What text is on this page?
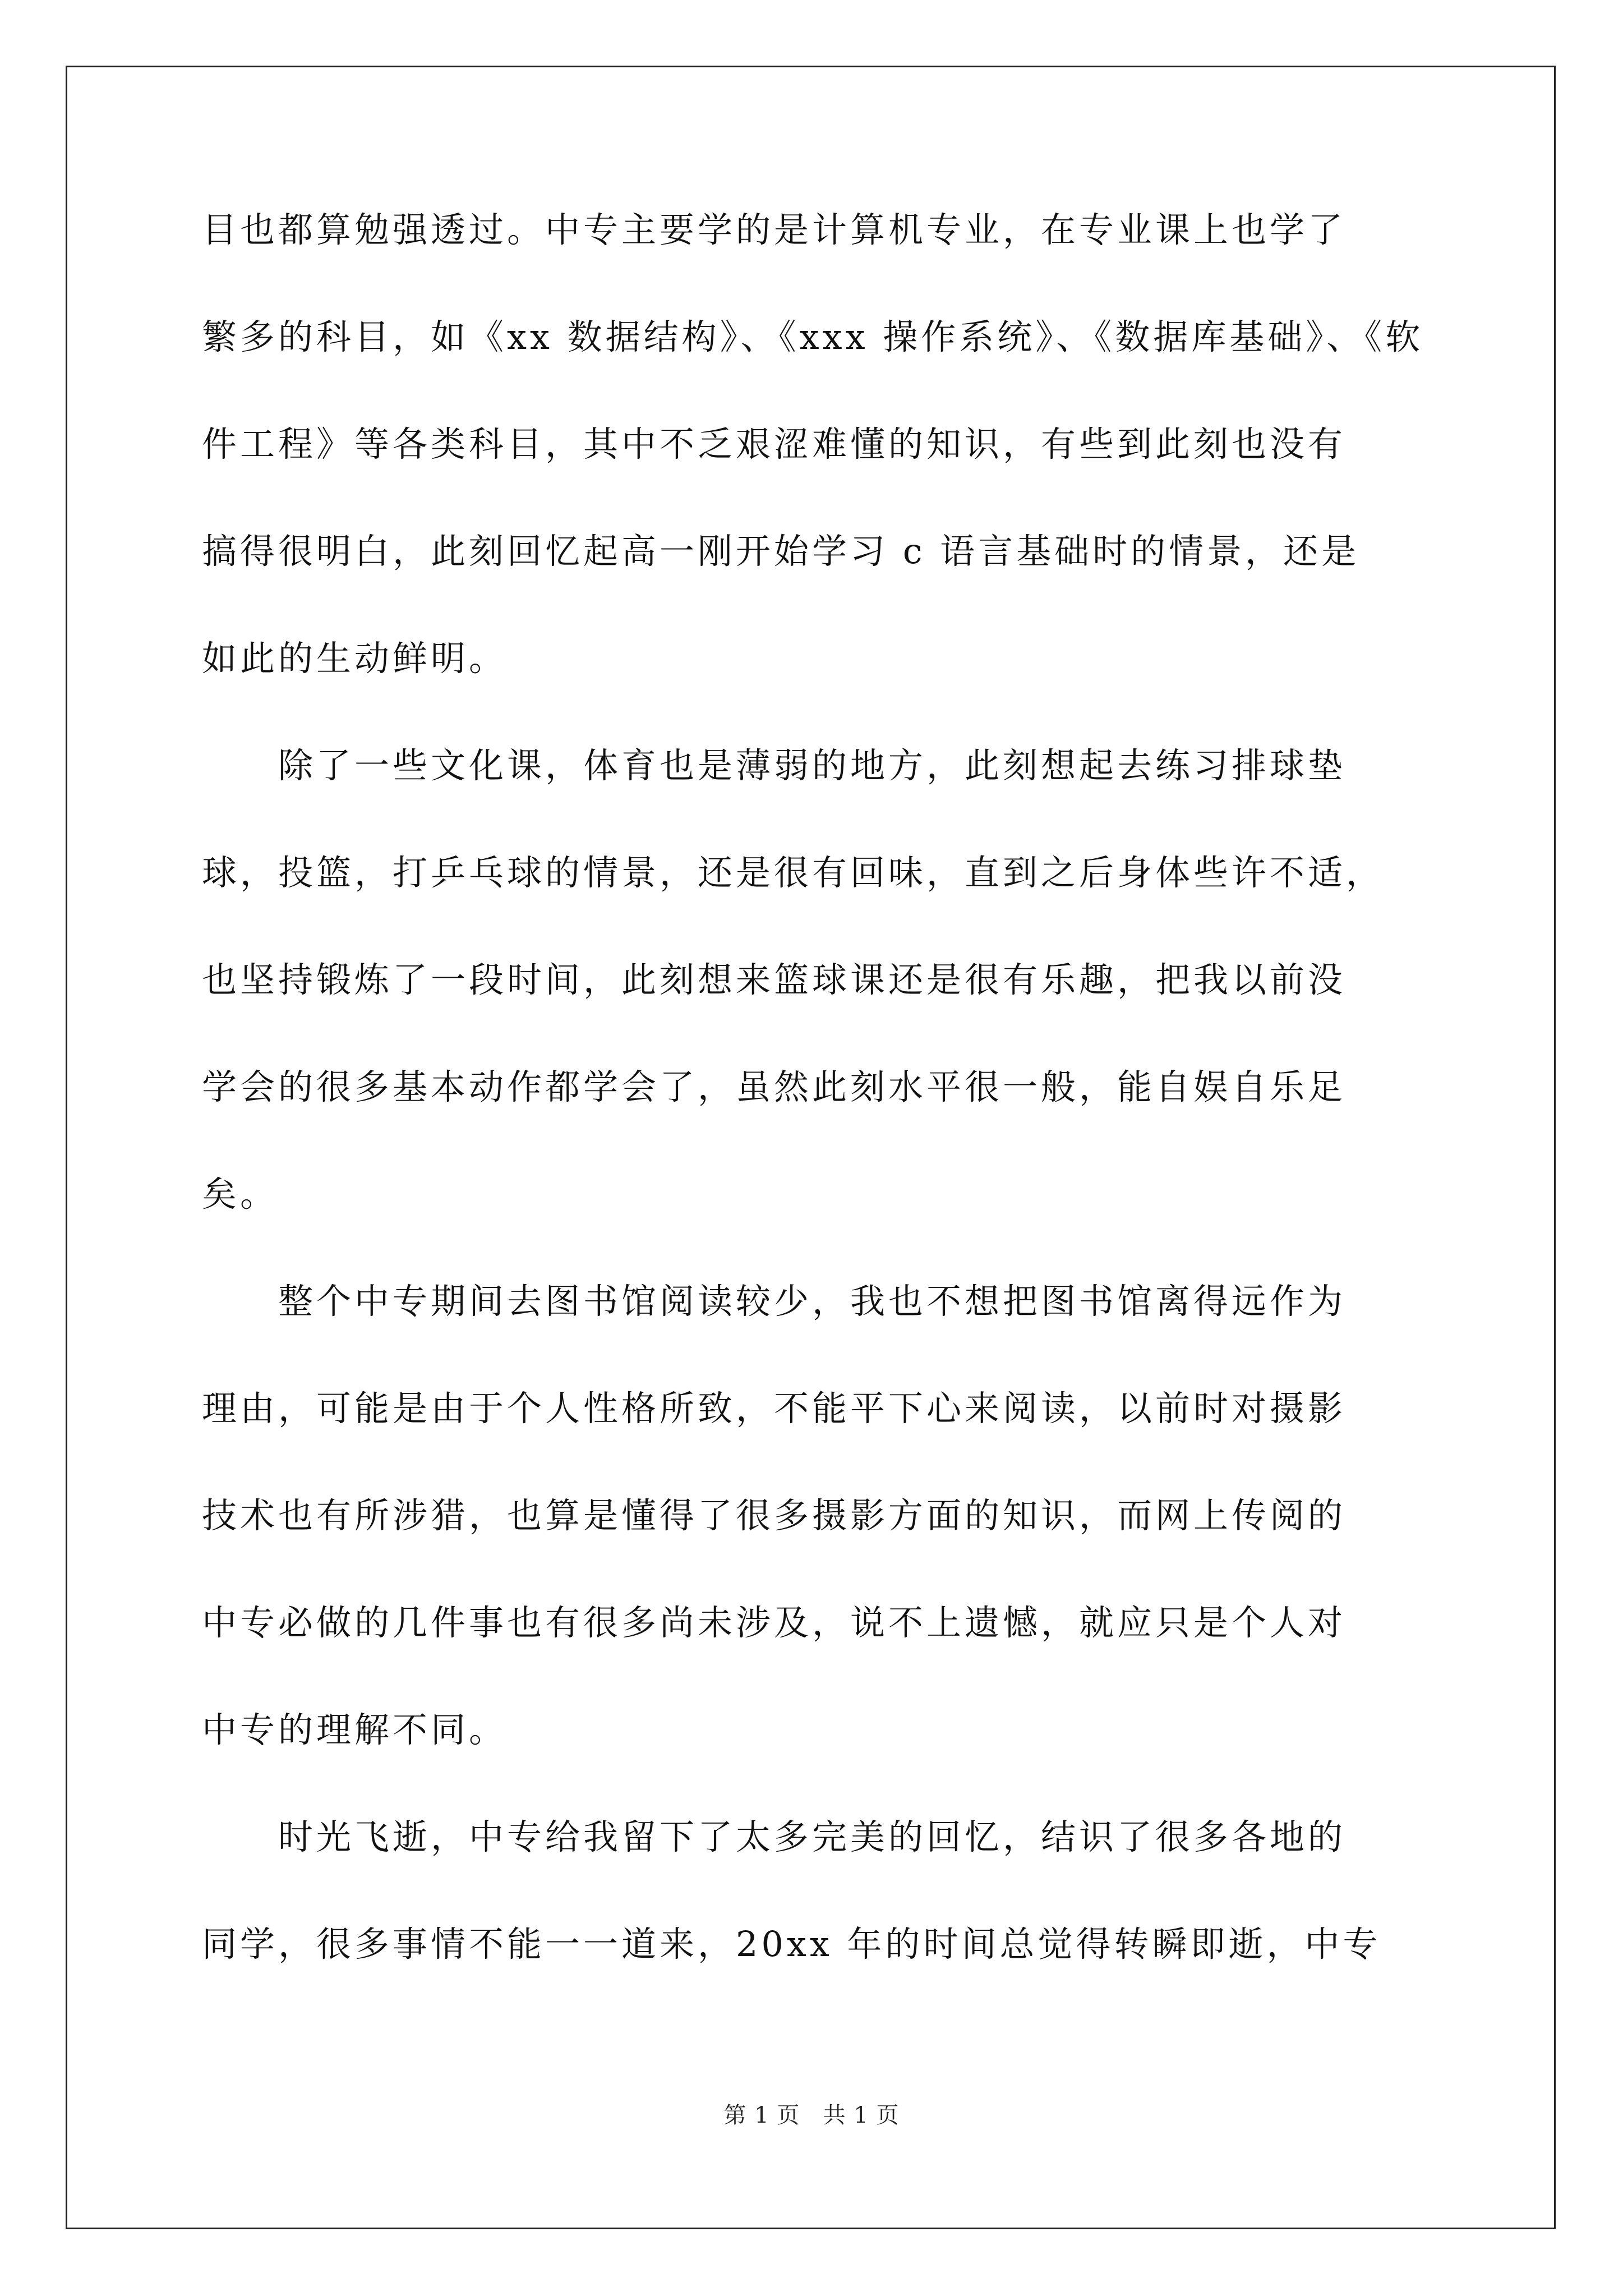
目也都算勉强透过。中专主要学的是计算机专业，在专业课上也学了
繁多的科目，如《xx 数据结构》、《xxx 操作系统》、《数据库基础》、《软
件工程》等各类科目，其中不乏艰涩难懂的知识，有些到此刻也没有
搞得很明白，此刻回忆起高一刚开始学习 c 语言基础时的情景，还是
如此的生动鲜明。
　　除了一些文化课，体育也是薄弱的地方，此刻想起去练习排球垫
球，投篮，打乒乓球的情景，还是很有回味，直到之后身体些许不适，
也坚持锻炼了一段时间，此刻想来篮球课还是很有乐趣，把我以前没
学会的很多基本动作都学会了，虽然此刻水平很一般，能自娱自乐足
矣。
　　整个中专期间去图书馆阅读较少，我也不想把图书馆离得远作为
理由，可能是由于个人性格所致，不能平下心来阅读，以前时对摄影
技术也有所涉猎，也算是懂得了很多摄影方面的知识，而网上传阅的
中专必做的几件事也有很多尚未涉及，说不上遗憾，就应只是个人对
中专的理解不同。
　　时光飞逝，中专给我留下了太多完美的回忆，结识了很多各地的
同学，很多事情不能一一道来，20xx 年的时间总觉得转瞬即逝，中专
第 1 页 共 1 页
